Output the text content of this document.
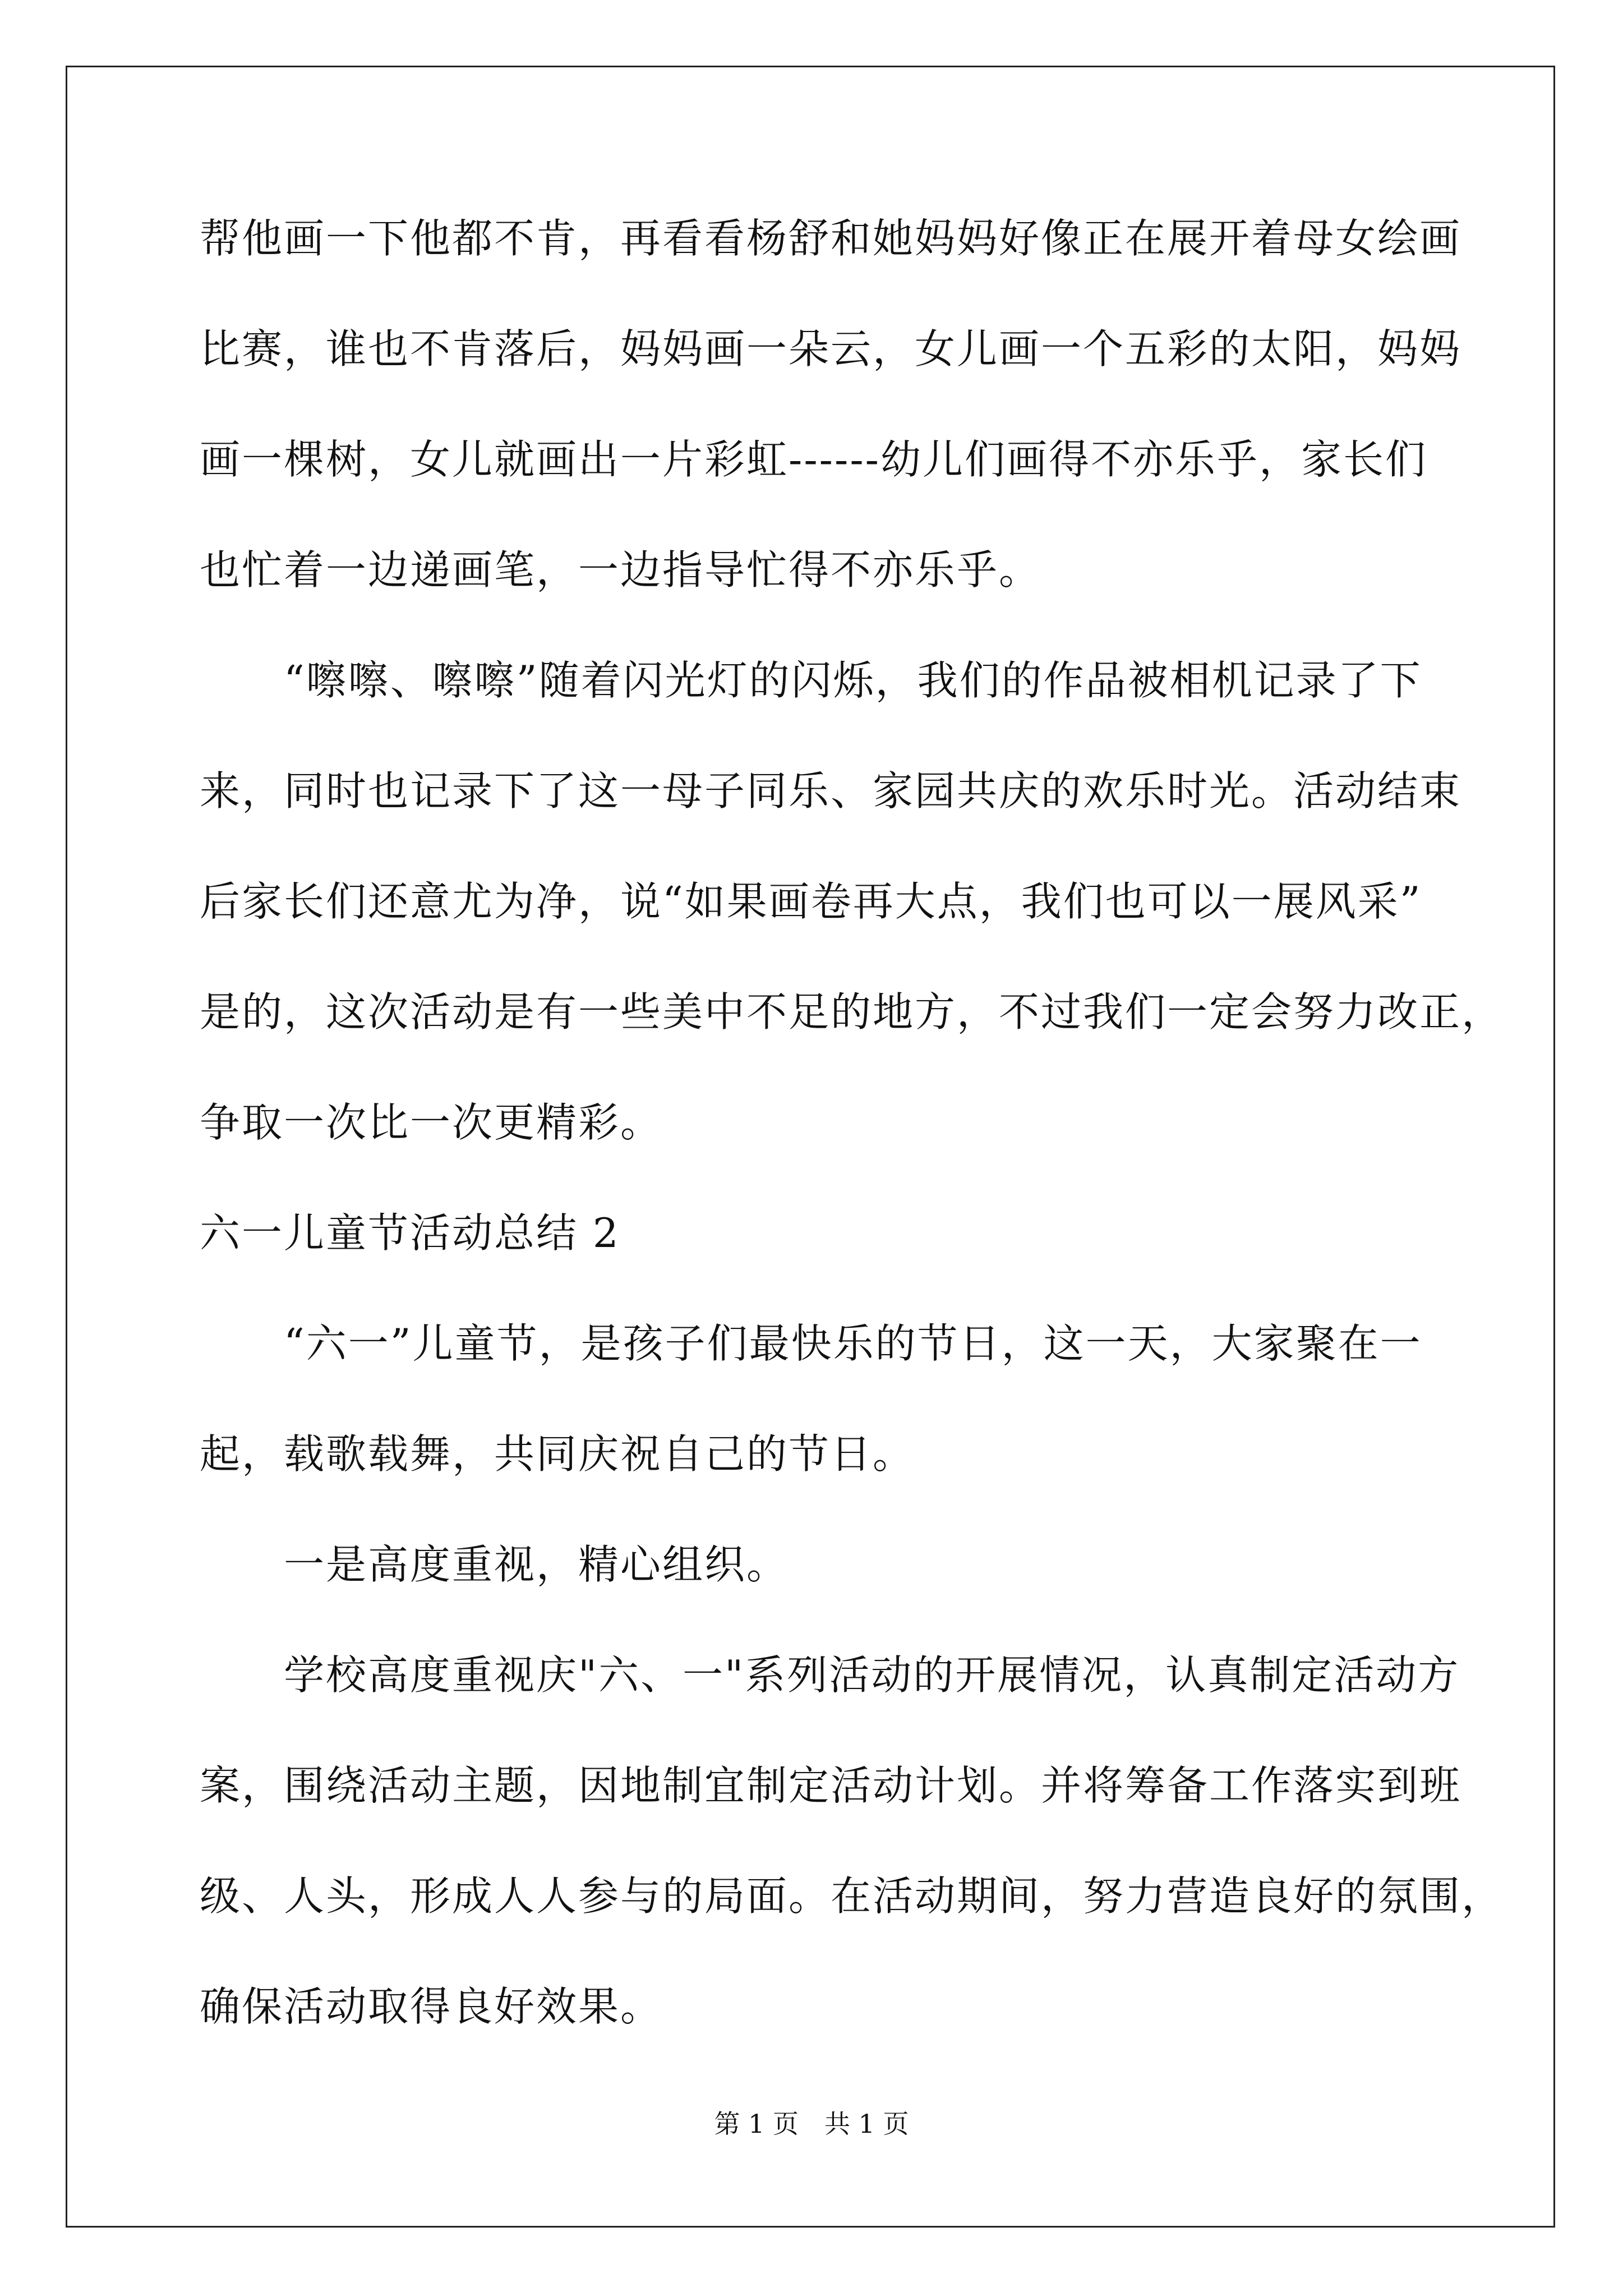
帮他画一下他都不肯，再看看杨舒和她妈妈好像正在展开着母女绘画
比赛，谁也不肯落后，妈妈画一朵云，女儿画一个五彩的太阳，妈妈
画一棵树，女儿就画出一片彩虹------幼儿们画得不亦乐乎，家长们
也忙着一边递画笔，一边指导忙得不亦乐乎。
“嚓嚓、嚓嚓”随着闪光灯的闪烁，我们的作品被相机记录了下
来，同时也记录下了这一母子同乐、家园共庆的欢乐时光。活动结束
后家长们还意尤为净，说“如果画卷再大点，我们也可以一展风采”
是的，这次活动是有一些美中不足的地方，不过我们一定会努力改正，
争取一次比一次更精彩。
六一儿童节活动总结 2
“六一”儿童节，是孩子们最快乐的节日，这一天，大家聚在一
起，载歌载舞，共同庆祝自己的节日。
一是高度重视，精心组织。
学校高度重视庆"六、一"系列活动的开展情况，认真制定活动方
案，围绕活动主题，因地制宜制定活动计划。并将筹备工作落实到班
级、人头，形成人人参与的局面。在活动期间，努力营造良好的氛围，
确保活动取得良好效果。
第 1 页　共 1 页
